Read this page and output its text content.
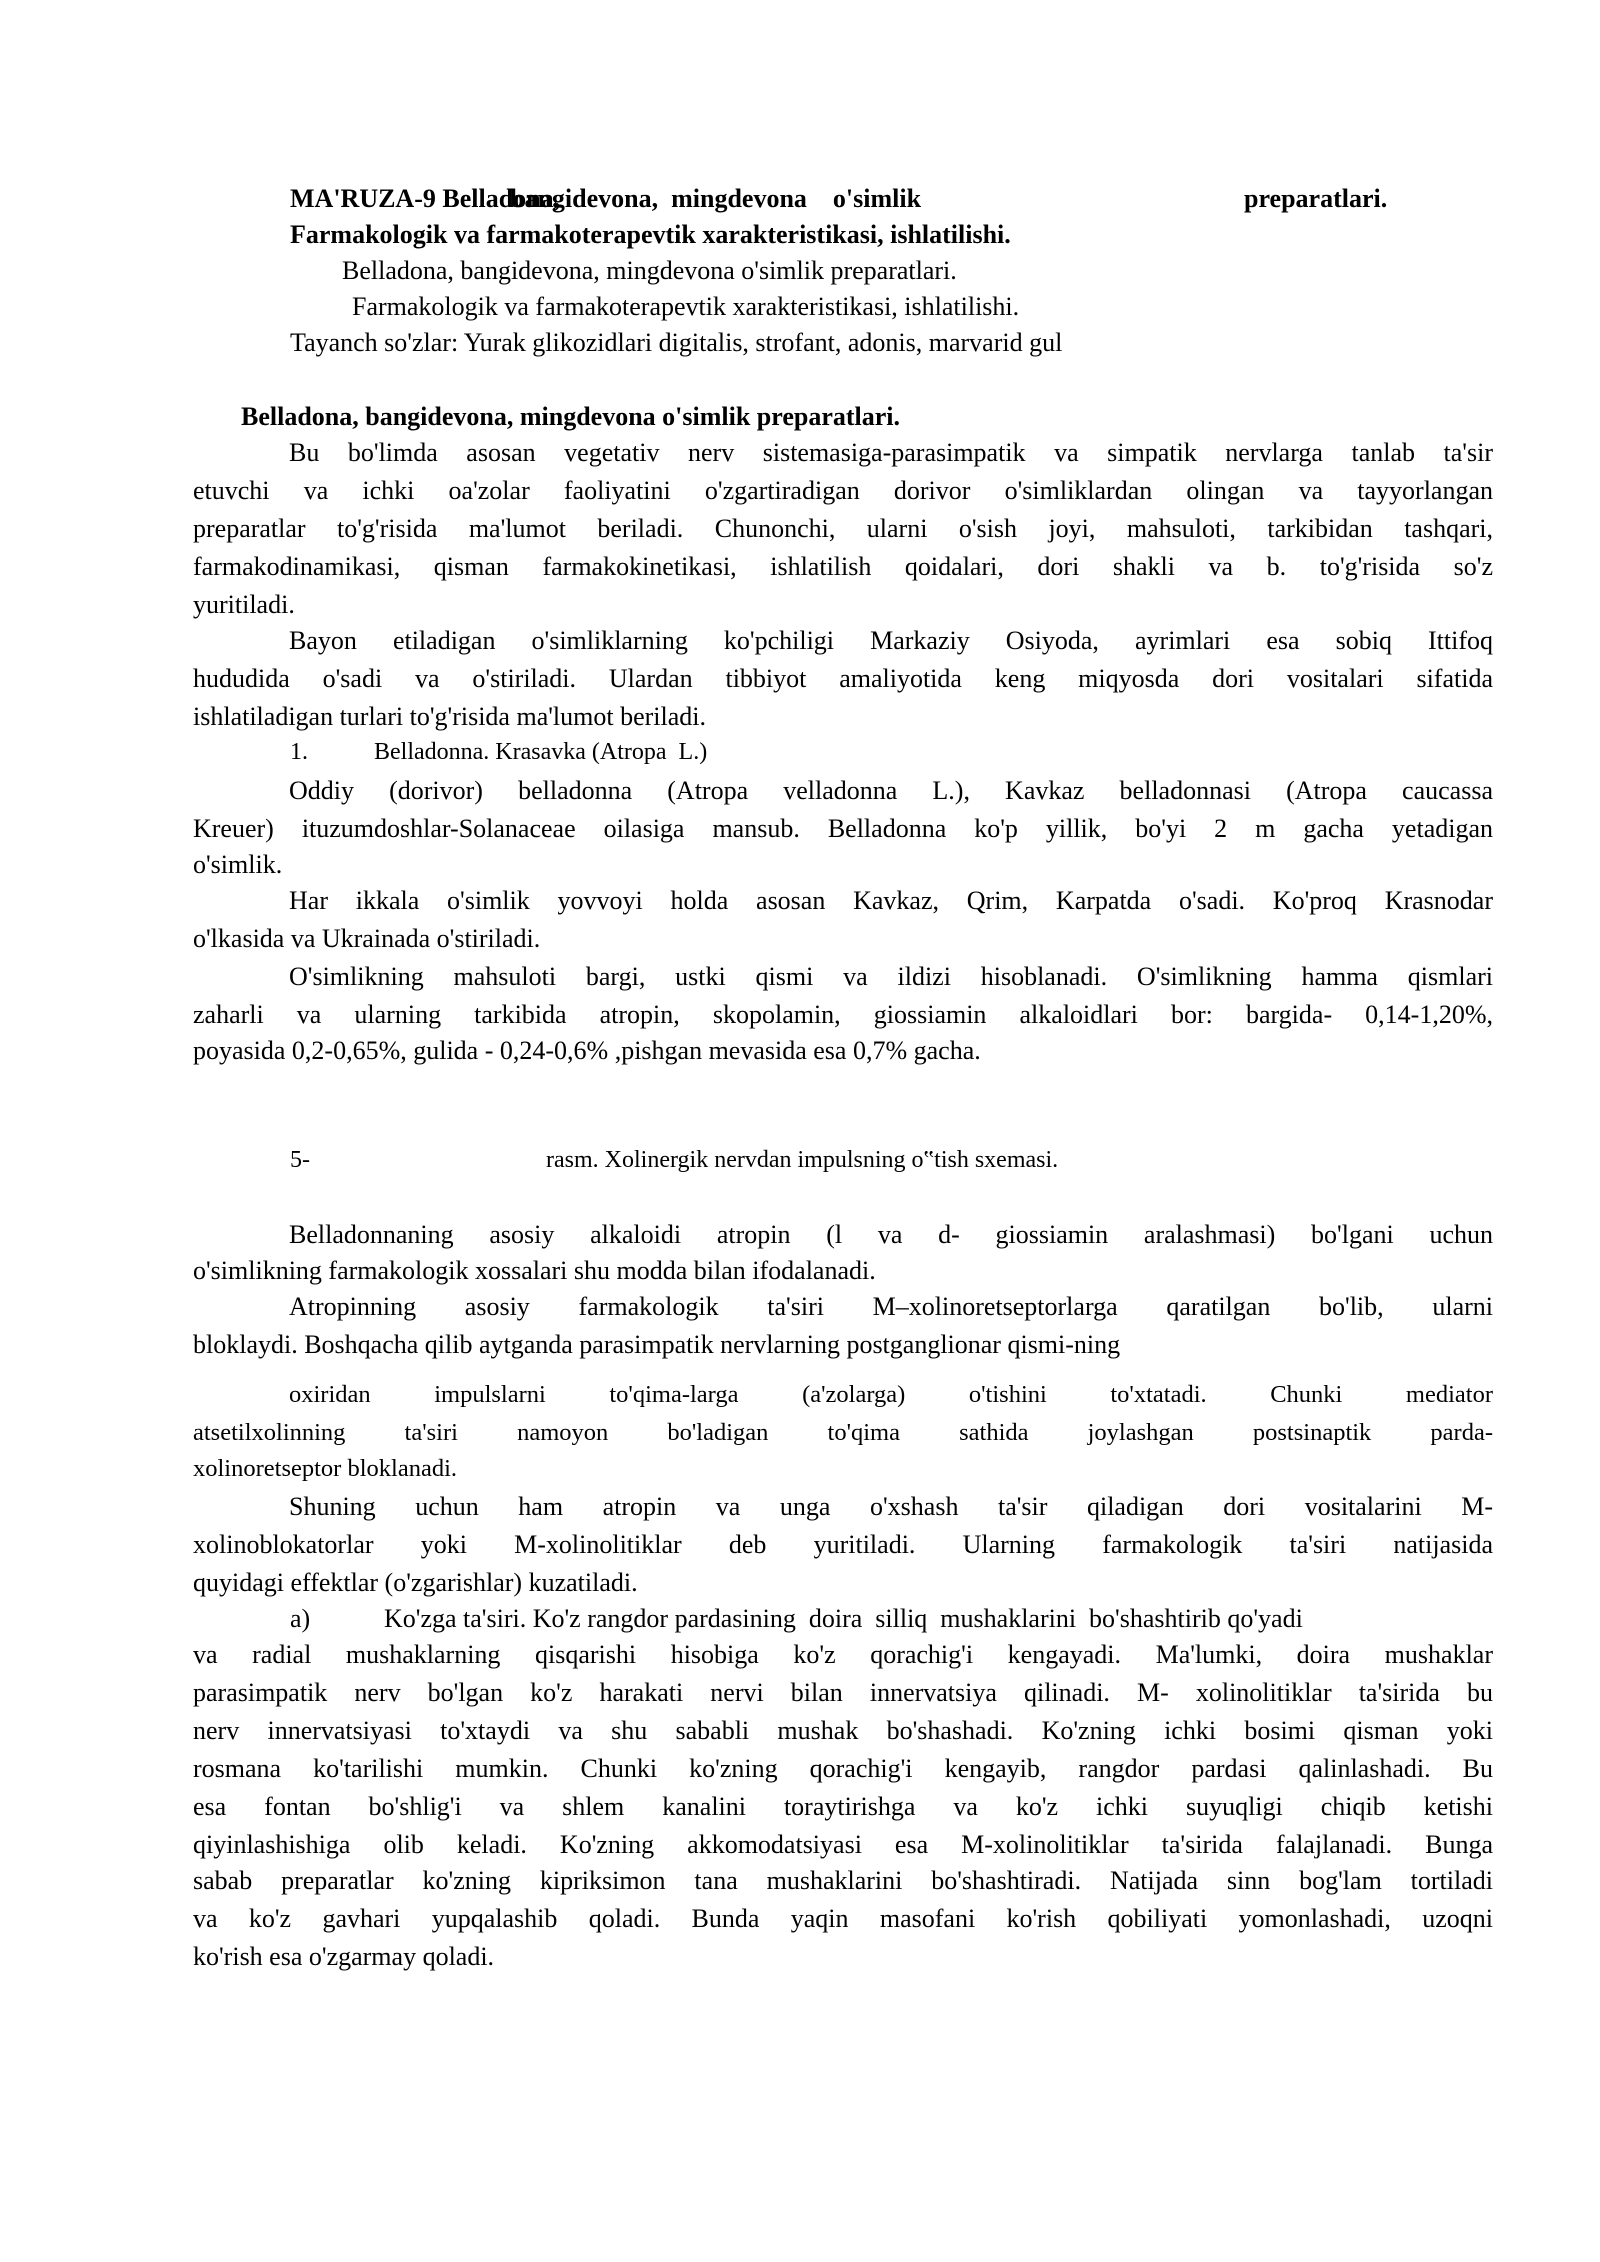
MA'RUZA-9 Belladona,
bangidevona,  mingdevona    o'simlik	preparatlari.
Farmakologik va farmakoterapevtik xarakteristikasi, ishlatilishi.
Belladona, bangidevona, mingdevona o'simlik preparatlari.
Farmakologik va farmakoterapevtik xarakteristikasi, ishlatilishi.
Tayanch so'zlar: Yurak glikozidlari digitalis, strofant, adonis, marvarid gul
Belladona, bangidevona, mingdevona o'simlik preparatlari.
Bu bo'limda asosan vegetativ nerv sistemasiga-parasimpatik va simpatik nervlarga tanlab ta'sir
etuvchi va ichki oa'zolar faoliyatini o'zgartiradigan dorivor o'simliklardan olingan va tayyorlangan
preparatlar to'g'risida ma'lumot beriladi. Chunonchi, ularni o'sish joyi, mahsuloti, tarkibidan tashqari,
farmakodinamikasi, qisman farmakokinetikasi, ishlatilish qoidalari, dori shakli va b. to'g'risida so'z
yuritiladi.
Bayon etiladigan o'simliklarning ko'pchiligi Markaziy Osiyoda, ayrimlari esa sobiq Ittifoq
hududida o'sadi va o'stiriladi. Ulardan tibbiyot amaliyotida keng miqyosda dori vositalari sifatida
ishlatiladigan turlari to'g'risida ma'lumot beriladi.
1.	Belladonna. Krasavka (Atropa  L.)
Oddiy (dorivor) belladonna (Atropa velladonna L.), Kavkaz belladonnasi (Atropa caucassa
Kreuer) ituzumdoshlar-Solanaceae oilasiga mansub. Belladonna ko'p yillik, bo'yi 2 m gacha yetadigan
o'simlik.
Har ikkala o'simlik yovvoyi holda asosan Kavkaz, Qrim, Karpatda o'sadi. Ko'proq Krasnodar
o'lkasida va Ukrainada o'stiriladi.
O'simlikning mahsuloti bargi, ustki qismi va ildizi hisoblanadi. O'simlikning hamma qismlari
zaharli va ularning tarkibida atropin, skopolamin, giossiamin alkaloidlari bor: bargida- 0,14-1,20%,
poyasida 0,2-0,65%, gulida - 0,24-0,6% ,pishgan mevasida esa 0,7% gacha.
5-	rasm. Xolinergik nervdan impulsning o‟tish sxemasi.
Belladonnaning asosiy alkaloidi atropin (l va d- giossiamin aralashmasi) bo'lgani uchun
o'simlikning farmakologik xossalari shu modda bilan ifodalanadi.
Atropinning asosiy farmakologik ta'siri M–xolinoretseptorlarga qaratilgan bo'lib, ularni
bloklaydi. Boshqacha qilib aytganda parasimpatik nervlarning postganglionar qismi-ning
oxiridan impulslarni to'qima-larga (a'zolarga) o'tishini to'xtatadi. Chunki mediator
atsetilxolinning ta'siri namoyon bo'ladigan to'qima sathida joylashgan postsinaptik parda-
xolinoretseptor bloklanadi.
Shuning uchun ham atropin va unga o'xshash ta'sir qiladigan dori vositalarini M-
xolinoblokatorlar yoki M-xolinolitiklar deb yuritiladi. Ularning farmakologik ta'siri natijasida
quyidagi effektlar (o'zgarishlar) kuzatiladi.
a)	Ko'zga ta'siri. Ko'z rangdor pardasining  doira  silliq  mushaklarini  bo'shashtirib qo'yadi
va radial mushaklarning qisqarishi hisobiga ko'z qorachig'i kengayadi. Ma'lumki, doira mushaklar
parasimpatik nerv bo'lgan ko'z harakati nervi bilan innervatsiya qilinadi. M- xolinolitiklar ta'sirida bu
nerv innervatsiyasi to'xtaydi va shu sababli mushak bo'shashadi. Ko'zning ichki bosimi qisman yoki
rosmana ko'tarilishi mumkin. Chunki ko'zning qorachig'i kengayib, rangdor pardasi qalinlashadi. Bu
esa fontan bo'shlig'i va shlem kanalini toraytirishga va ko'z ichki suyuqligi chiqib ketishi
qiyinlashishiga olib keladi. Ko'zning akkomodatsiyasi esa M-xolinolitiklar ta'sirida falajlanadi. Bunga
sabab preparatlar ko'zning kipriksimon tana mushaklarini bo'shashtiradi. Natijada sinn bog'lam tortiladi
va ko'z gavhari yupqalashib qoladi. Bunda yaqin masofani ko'rish qobiliyati yomonlashadi, uzoqni
ko'rish esa o'zgarmay qoladi.
